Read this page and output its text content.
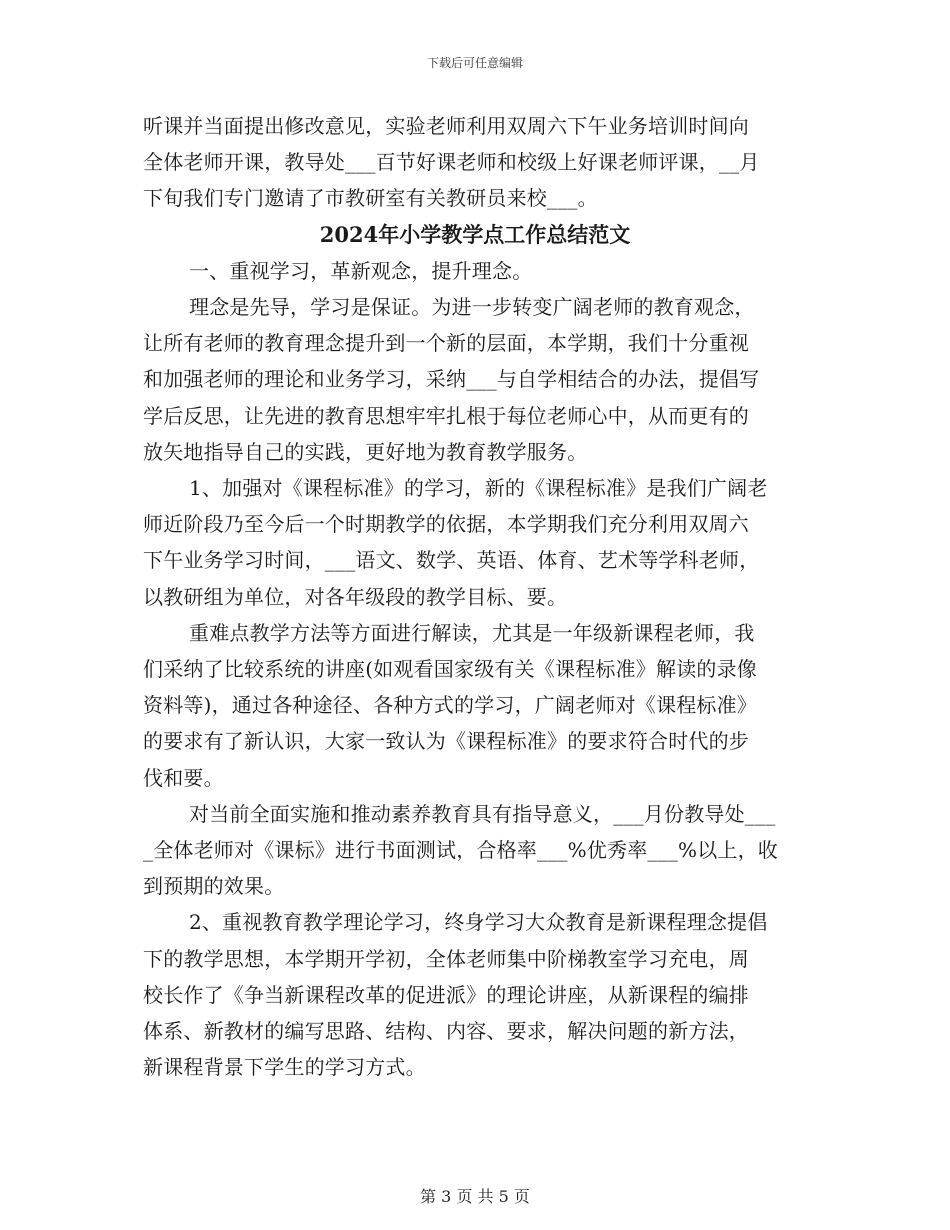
下载后可任意编辑
听课并当面提出修改意见，实验老师利用双周六下午业务培训时间向
全体老师开课，教导处___百节好课老师和校级上好课老师评课，__月
下旬我们专门邀请了市教研室有关教研员来校___。
2024年小学教学点工作总结范文
一、重视学习，革新观念，提升理念。
理念是先导，学习是保证。为进一步转变广阔老师的教育观念，
让所有老师的教育理念提升到一个新的层面，本学期，我们十分重视
和加强老师的理论和业务学习，采纳___与自学相结合的办法，提倡写
学后反思，让先进的教育思想牢牢扎根于每位老师心中，从而更有的
放矢地指导自己的实践，更好地为教育教学服务。
1、加强对《课程标准》的学习，新的《课程标准》是我们广阔老
师近阶段乃至今后一个时期教学的依据，本学期我们充分利用双周六
下午业务学习时间，___语文、数学、英语、体育、艺术等学科老师，
以教研组为单位，对各年级段的教学目标、要。
重难点教学方法等方面进行解读，尤其是一年级新课程老师，我
们采纳了比较系统的讲座(如观看国家级有关《课程标准》解读的录像
资料等)，通过各种途径、各种方式的学习，广阔老师对《课程标准》
的要求有了新认识，大家一致认为《课程标准》的要求符合时代的步
伐和要。
对当前全面实施和推动素养教育具有指导意义，___月份教导处___
_全体老师对《课标》进行书面测试，合格率___%优秀率___%以上，收
到预期的效果。
2、重视教育教学理论学习，终身学习大众教育是新课程理念提倡
下的教学思想，本学期开学初，全体老师集中阶梯教室学习充电，周
校长作了《争当新课程改革的促进派》的理论讲座，从新课程的编排
体系、新教材的编写思路、结构、内容、要求，解决问题的新方法，
新课程背景下学生的学习方式。
第 3 页 共 5 页
